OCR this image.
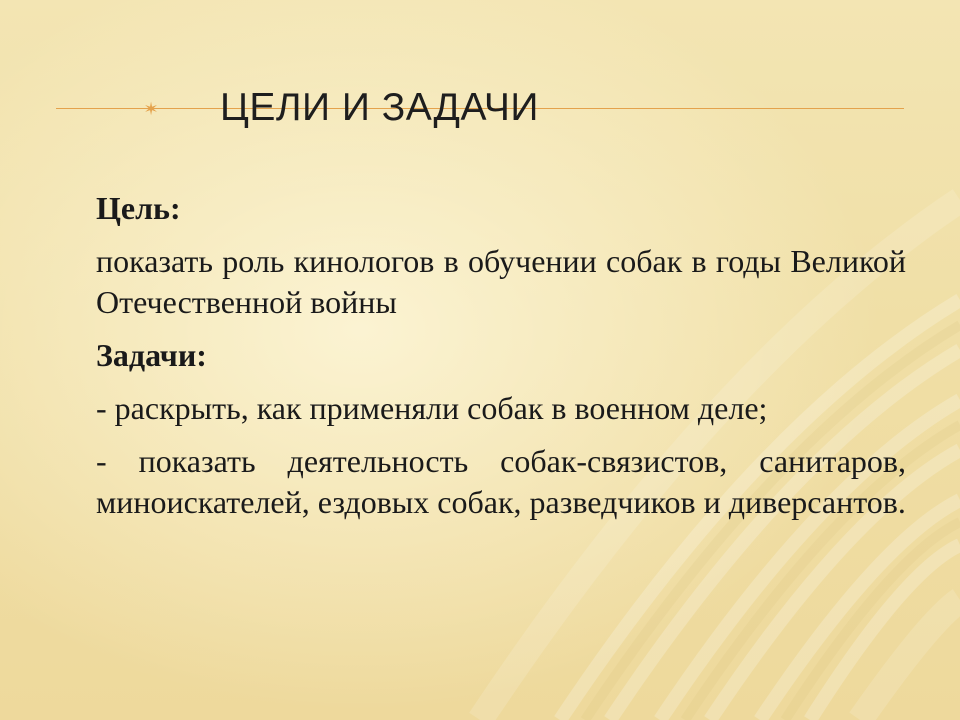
✶ ЦЕЛИ И ЗАДАЧИ

Цель:

показать роль кинологов в обучении собак в годы Великой Отечественной войны

Задачи:

- раскрыть, как применяли собак в военном деле;

- показать деятельность собак-связистов, санитаров, миноискателей, ездовых собак, разведчиков и диверсантов.
